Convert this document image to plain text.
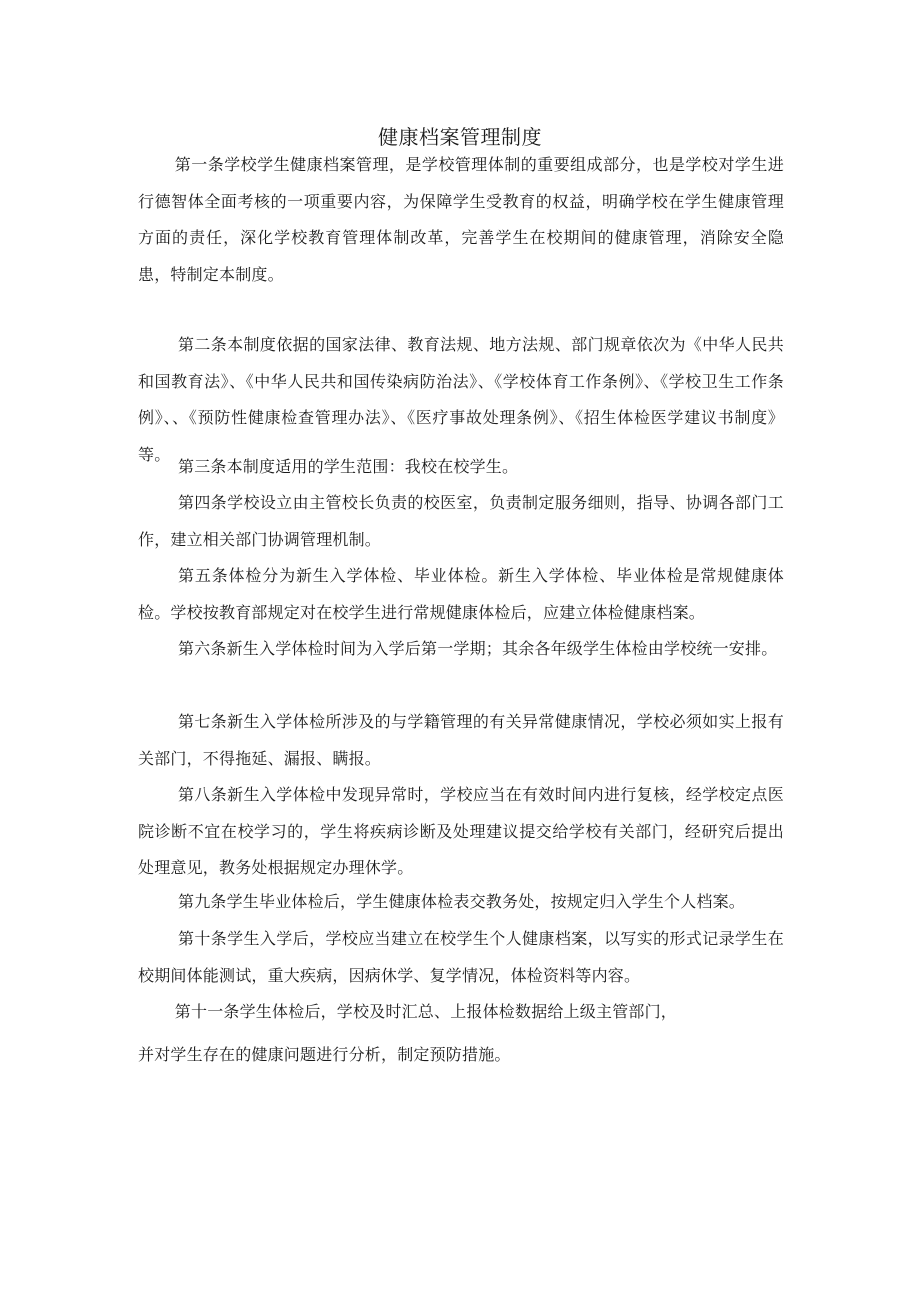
健康档案管理制度

第一条学校学生健康档案管理，是学校管理体制的重要组成部分，也是学校对学生进行德智体全面考核的一项重要内容，为保障学生受教育的权益，明确学校在学生健康管理方面的责任，深化学校教育管理体制改革，完善学生在校期间的健康管理，消除安全隐患，特制定本制度。

第二条本制度依据的国家法律、教育法规、地方法规、部门规章依次为《中华人民共和国教育法》、《中华人民共和国传染病防治法》、《学校体育工作条例》、《学校卫生工作条例》、、《预防性健康检查管理办法》、《医疗事故处理条例》、《招生体检医学建议书制度》等。

第三条本制度适用的学生范围：我校在校学生。

第四条学校设立由主管校长负责的校医室，负责制定服务细则，指导、协调各部门工作，建立相关部门协调管理机制。

第五条体检分为新生入学体检、毕业体检。新生入学体检、毕业体检是常规健康体检。学校按教育部规定对在校学生进行常规健康体检后，应建立体检健康档案。

第六条新生入学体检时间为入学后第一学期；其余各年级学生体检由学校统一安排。

第七条新生入学体检所涉及的与学籍管理的有关异常健康情况，学校必须如实上报有关部门，不得拖延、漏报、瞒报。

第八条新生入学体检中发现异常时，学校应当在有效时间内进行复核，经学校定点医院诊断不宜在校学习的，学生将疾病诊断及处理建议提交给学校有关部门，经研究后提出处理意见，教务处根据规定办理休学。

第九条学生毕业体检后，学生健康体检表交教务处，按规定归入学生个人档案。

第十条学生入学后，学校应当建立在校学生个人健康档案，以写实的形式记录学生在校期间体能测试，重大疾病，因病休学、复学情况，体检资料等内容。

第十一条学生体检后，学校及时汇总、上报体检数据给上级主管部门，

并对学生存在的健康问题进行分析，制定预防措施。
